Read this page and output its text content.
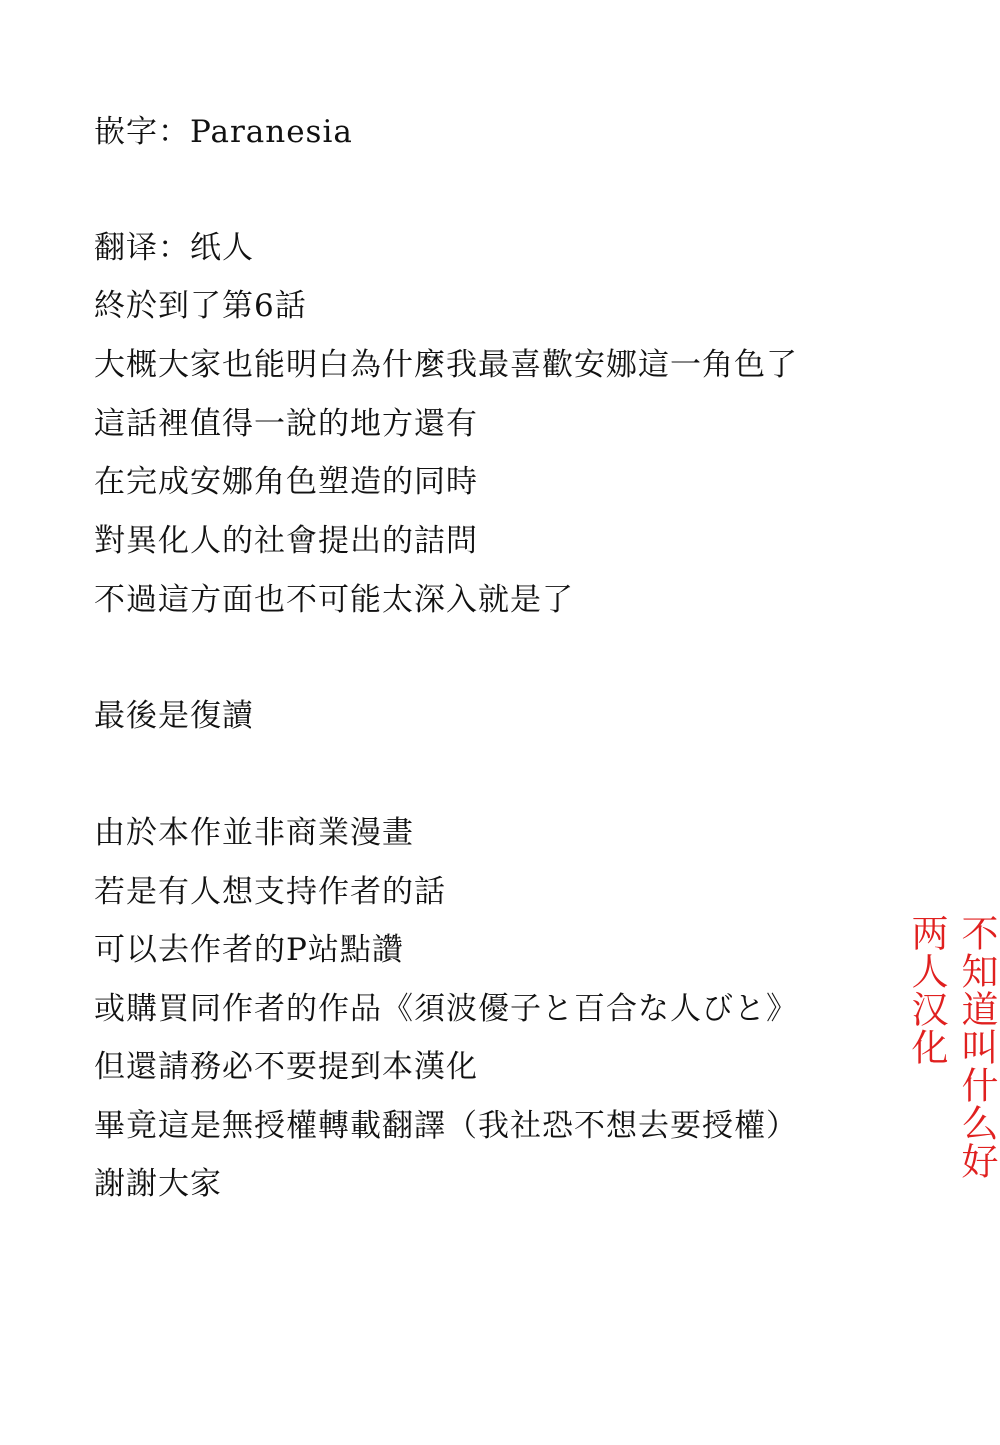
嵌字：Paranesia
翻译：纸人
終於到了第6話
大概大家也能明白為什麼我最喜歡安娜這一角色了
這話裡值得一說的地方還有
在完成安娜角色塑造的同時
對異化人的社會提出的詰問
不過這方面也不可能太深入就是了
最後是復讀
由於本作並非商業漫畫
若是有人想支持作者的話
可以去作者的P站點讚
或購買同作者的作品《須波優子と百合な人びと》
但還請務必不要提到本漢化
畢竟這是無授權轉載翻譯（我社恐不想去要授權）
謝謝大家
不知道叫什么好
两人汉化
